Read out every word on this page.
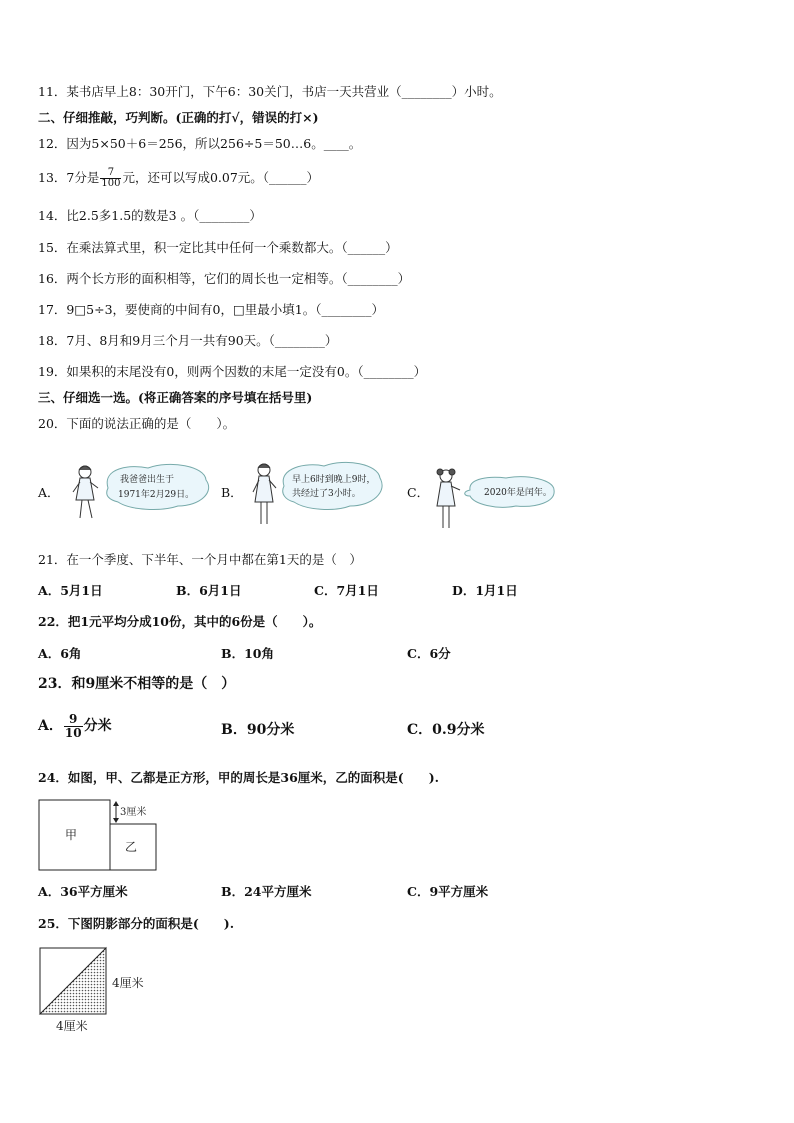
11．某书店早上8：30开门，下午6：30关门，书店一天共营业（________）小时。
二、仔细推敲，巧判断。(正确的打√，错误的打×)
12．因为5×50＋6＝256，所以256÷5＝50…6。____。
13．7分是 $\frac{7}{100}$ 元，还可以写成0.07元。（______）
14．比2.5多1.5的数是3 。（________）
15．在乘法算式里，积一定比其中任何一个乘数都大。（______）
16．两个长方形的面积相等，它们的周长也一定相等。（________）
17．9□5÷3，要使商的中间有0，□里最小填1。（________）
18．7月、8月和9月三个月一共有90天。（________）
19．如果积的末尾没有0，则两个因数的末尾一定没有0。（________）
三、仔细选一选。(将正确答案的序号填在括号里)
20．下面的说法正确的是（　　）。
A．
我爸爸出生于
1971年2月29日。 B．
早上6时到晚上9时，
共经过了3小时。	C．	2020年是闰年。
21．在一个季度、下半年、一个月中都在第1天的是（　）
A．5月1日	B．6月1日	C．7月1日	D．1月1日
22．把1元平均分成10份，其中的6份是（　　）。
A．6角	B．10角	C．6分
23．和9厘米不相等的是（　）
A． $\frac{9}{10}$ 分米	B．90分米	C．0.9分米
24．如图，甲、乙都是正方形，甲的周长是36厘米，乙的面积是(　　).
甲
乙
3厘米
A．36平方厘米	B．24平方厘米	C．9平方厘米
25．下图阴影部分的面积是(　　).
4厘米
4厘米
